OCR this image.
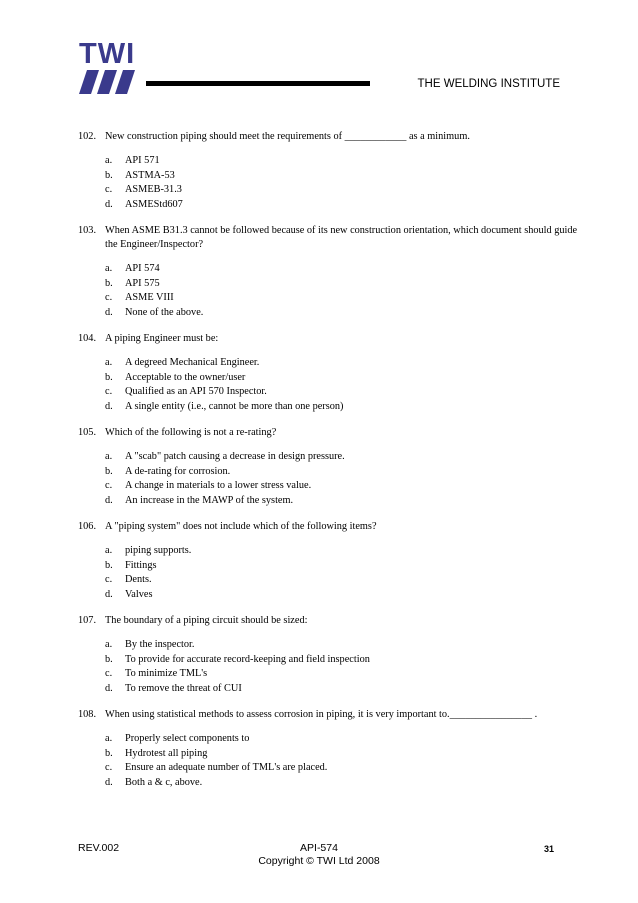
TWI
THE WELDING INSTITUTE
102. New construction piping should meet the requirements of ____________ as a minimum.
a.	API 571
b.	ASTMA-53
c.	ASMEB-31.3
d.	ASMEStd607
103. When ASME B31.3 cannot be followed because of its new construction orientation, which document should guide the Engineer/Inspector?
a.	API 574
b.	API 575
c.	ASME VIII
d.	None of the above.
104. A piping Engineer must be:
a.	A degreed Mechanical Engineer.
b.	Acceptable to the owner/user
c.	Qualified as an API 570 Inspector.
d.	A single entity (i.e., cannot be more than one person)
105. Which of the following is not a re-rating?
a.	A "scab" patch causing a decrease in design pressure.
b.	A de-rating for corrosion.
c.	A change in materials to a lower stress value.
d.	An increase in the MAWP of the system.
106. A "piping system" does not include which of the following items?
a.	piping supports.
b.	Fittings
c.	Dents.
d.	Valves
107. The boundary of a piping circuit should be sized:
a.	By the inspector.
b.	To provide for accurate record-keeping and field inspection
c.	To minimize TML's
d.	To remove the threat of CUI
108. When using statistical methods to assess corrosion in piping, it is very important to.________________ .
a.	Properly select components to
b.	Hydrotest all piping
c.	Ensure an adequate number of TML's are placed.
d.	Both a & c, above.
REV.002	API-574
Copyright © TWI Ltd 2008
31
